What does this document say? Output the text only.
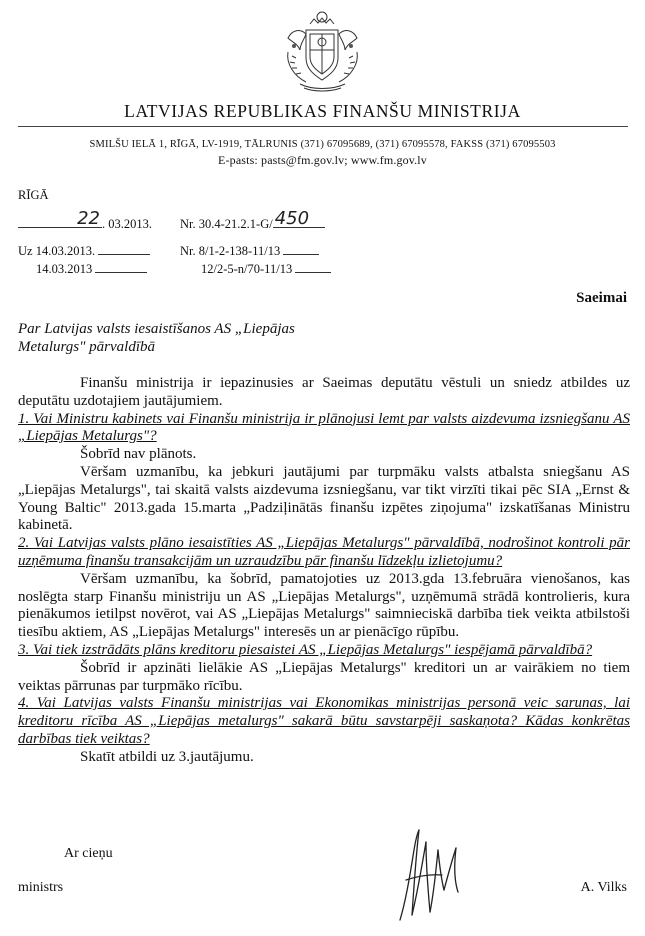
LATVIJAS REPUBLIKAS FINANŠU MINISTRIJA
SMILŠU IELĀ 1, RĪGĀ, LV-1919, TĀLRUNIS (371) 67095689, (371) 67095578, FAKSS (371) 67095503
E-pasts: pasts@fm.gov.lv; www.fm.gov.lv
RĪGĀ
22 . 03.2013.	Nr. 30.4-21.2.1-G/ 450
Uz 14.03.2013.
14.03.2013
Nr. 8/1-2-138-11/13
12/2-5-n/70-11/13
Saeimai
Par Latvijas valsts iesaistīšanos AS „Liepājas
Metalurgs" pārvaldībā

Finanšu ministrija ir iepazinusies ar Saeimas deputātu vēstuli un sniedz atbildes uz deputātu uzdotajiem jautājumiem.

1. Vai Ministru kabinets vai Finanšu ministrija ir plānojusi lemt par valsts aizdevuma izsniegšanu AS „Liepājas Metalurgs"?

Šobrīd nav plānots.

Vēršam uzmanību, ka jebkuri jautājumi par turpmāku valsts atbalsta sniegšanu AS „Liepājas Metalurgs", tai skaitā valsts aizdevuma izsniegšanu, var tikt virzīti tikai pēc SIA „Ernst & Young Baltic" 2013.gada 15.marta „Padziļinātās finanšu izpētes ziņojuma" izskatīšanas Ministru kabinetā.

2. Vai Latvijas valsts plāno iesaistīties AS „Liepājas Metalurgs" pārvaldībā, nodrošinot kontroli pār uzņēmuma finanšu transakcijām un uzraudzību pār finanšu līdzekļu izlietojumu?

Vēršam uzmanību, ka šobrīd, pamatojoties uz 2013.gda 13.februāra vienošanos, kas noslēgta starp Finanšu ministriju un AS „Liepājas Metalurgs", uzņēmumā strādā kontrolieris, kura pienākumos ietilpst novērot, vai AS „Liepājas Metalurgs" saimnieciskā darbība tiek veikta atbilstoši tiesību aktiem, AS „Liepājas Metalurgs" interesēs un ar pienācīgo rūpību.

3. Vai tiek izstrādāts plāns kreditoru piesaistei AS „Liepājas Metalurgs" iespējamā pārvaldībā?

Šobrīd ir apzināti lielākie AS „Liepājas Metalurgs" kreditori un ar vairākiem no tiem veiktas pārrunas par turpmāko rīcību.

4. Vai Latvijas valsts Finanšu ministrijas vai Ekonomikas ministrijas personā veic sarunas, lai kreditoru rīcība AS „Liepājas metalurgs" sakarā būtu savstarpēji saskaņota? Kādas konkrētas darbības tiek veiktas?

Skatīt atbildi uz 3.jautājumu.

Ar cieņu
ministrs	A. Vilks
